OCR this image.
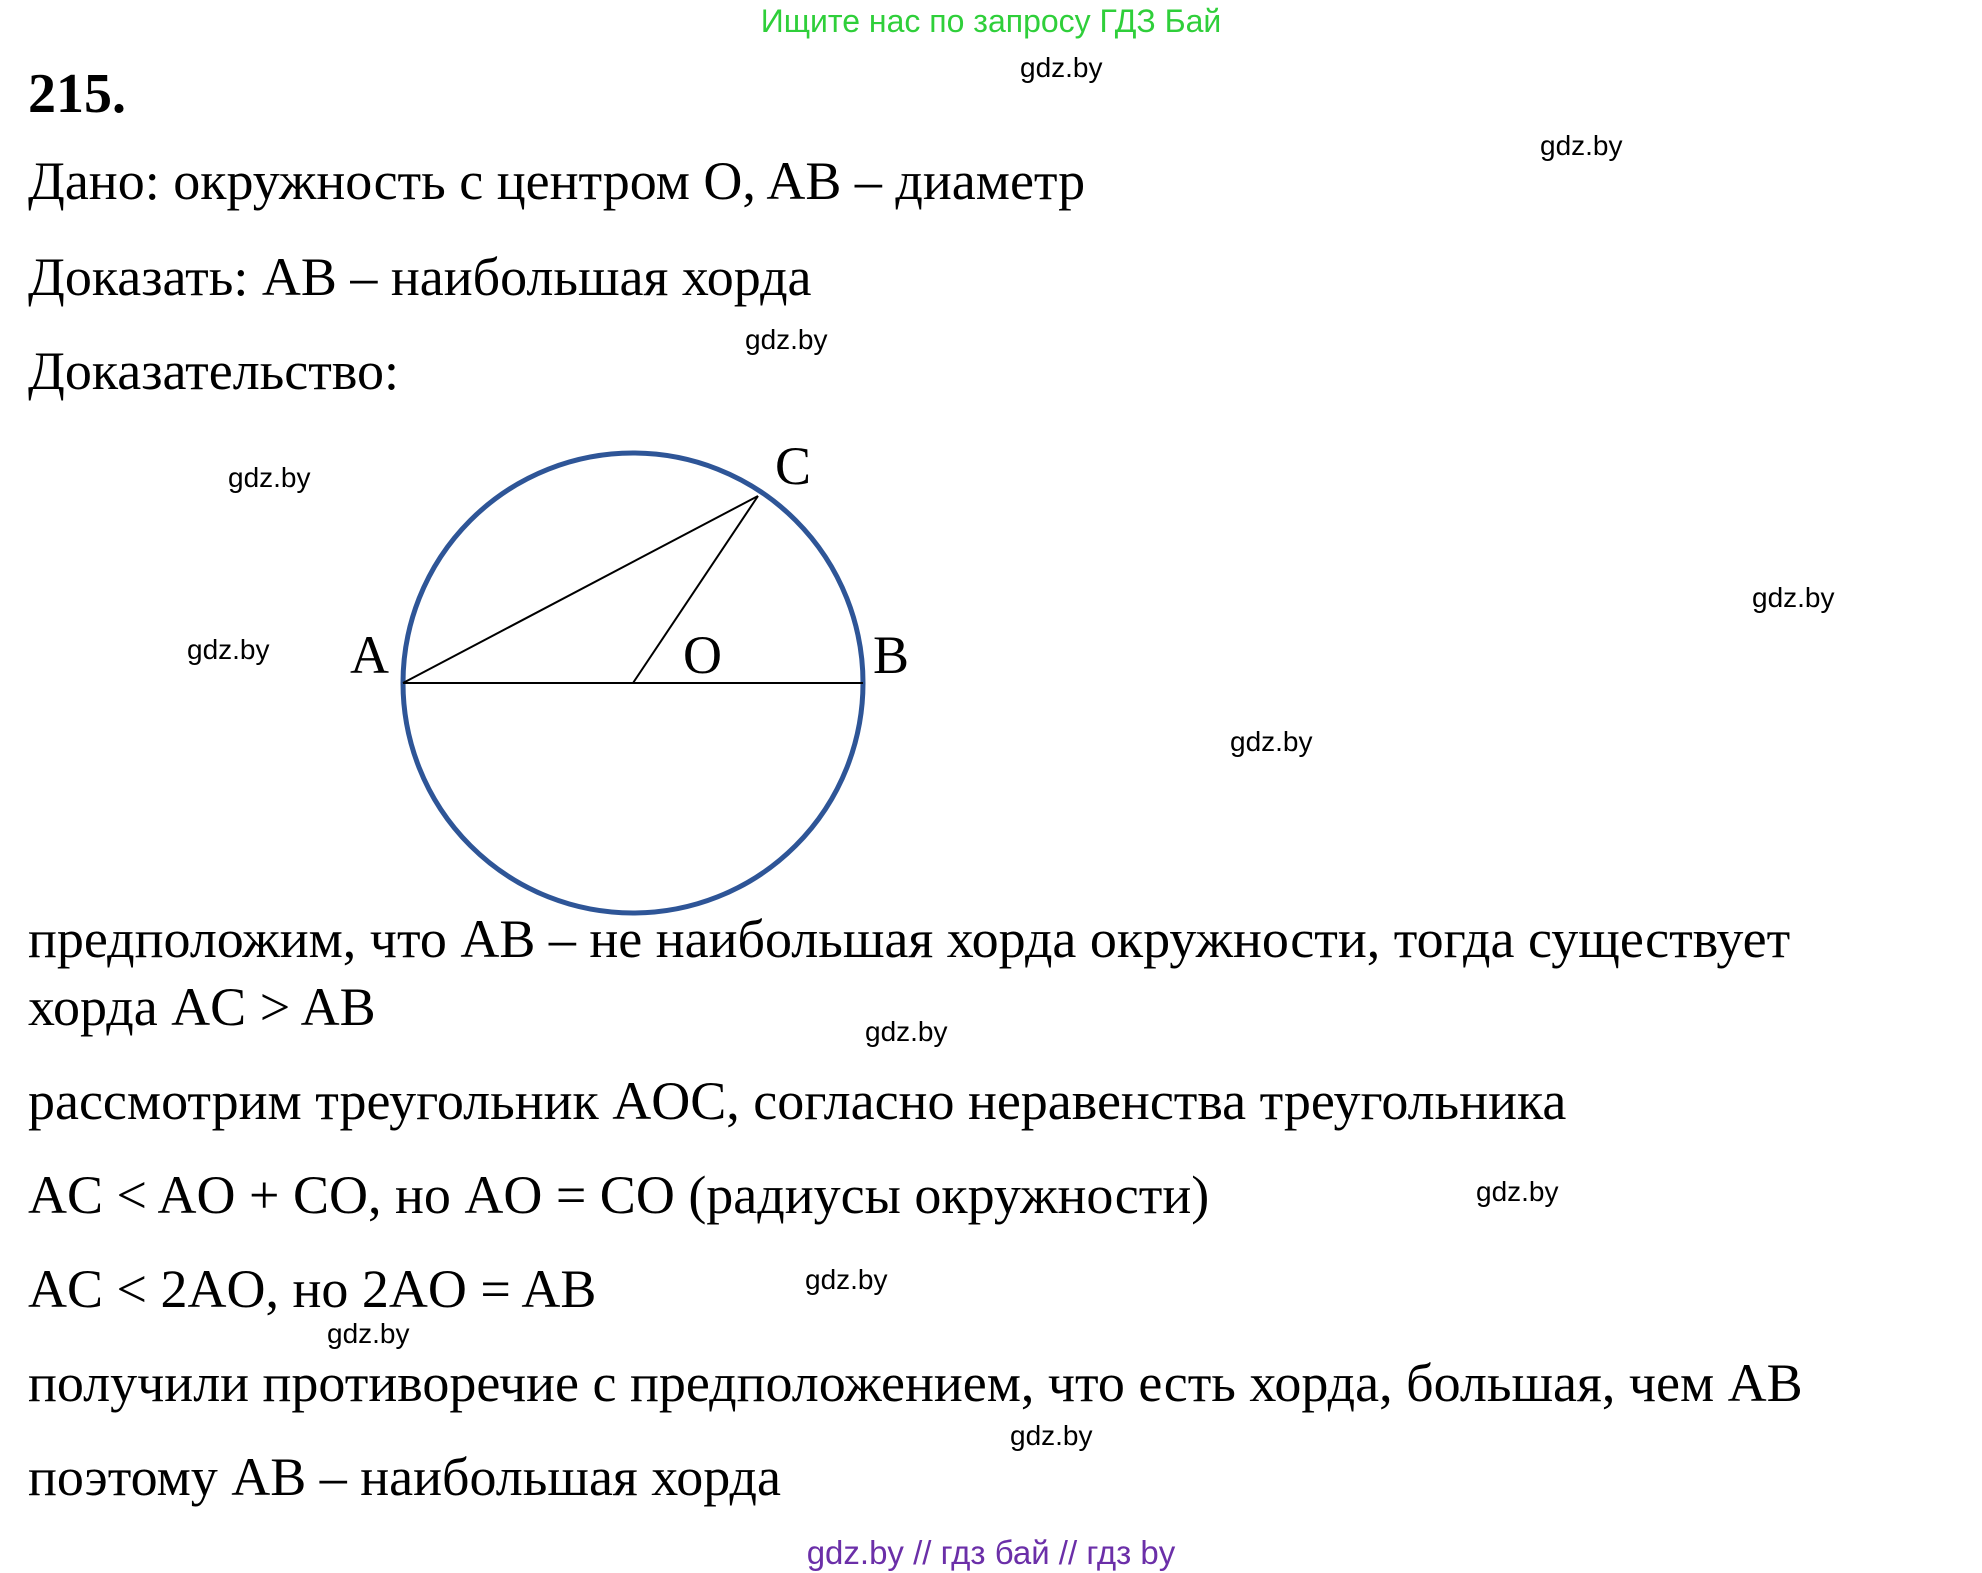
Ищите нас по запросу ГДЗ Бай
215.
Дано: окружность с центром O, AB – диаметр
Доказать: AB – наибольшая хорда
Доказательство:
A	B
C
O
предположим, что AB – не наибольшая хорда окружности, тогда существует
хорда AC > AB
рассмотрим треугольник AOC, согласно неравенства треугольника
AC < AO + CO, но AO = CO (радиусы окружности)
AC < 2AO, но 2AO = AB
получили противоречие с предположением, что есть хорда, большая, чем AB
поэтому AB – наибольшая хорда
gdz.by
gdz.by
gdz.by
gdz.by
gdz.by
gdz.by
gdz.by
gdz.by
gdz.by
gdz.by
gdz.by
gdz.by
gdz.by // гдз бай // гдз by
